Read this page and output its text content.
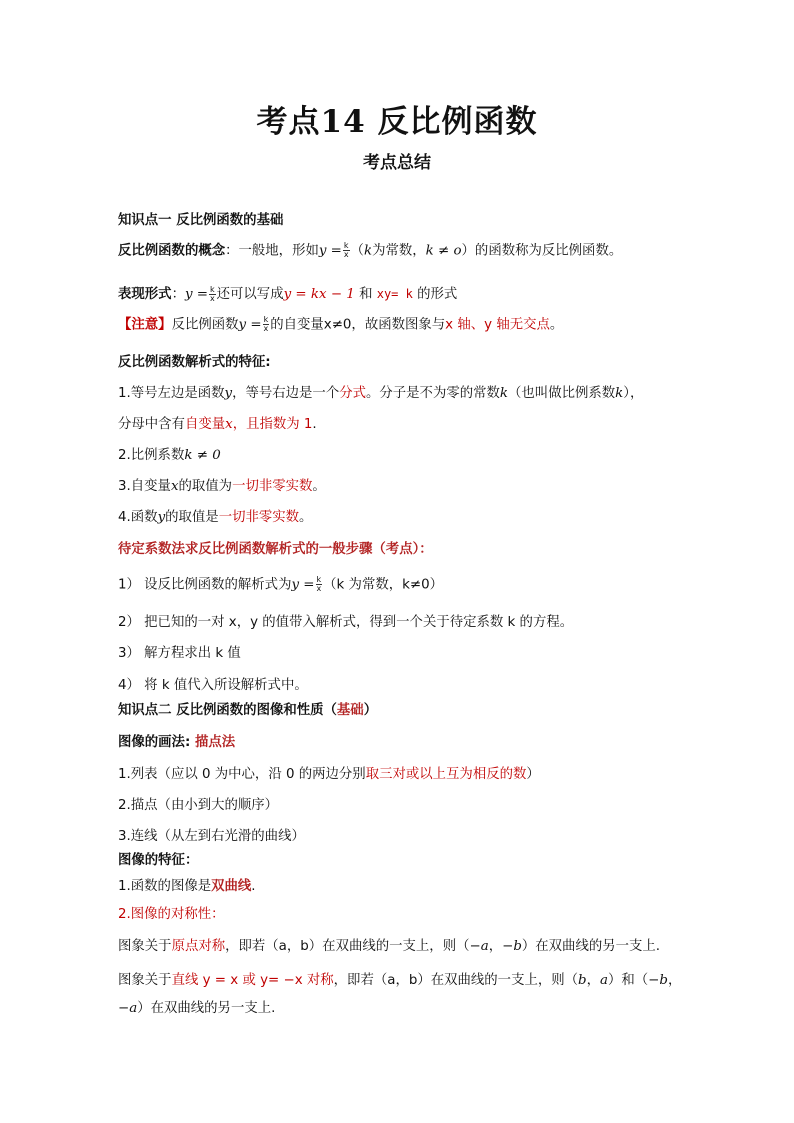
考点14 反比例函数
考点总结
知识点一 反比例函数的基础
反比例函数的概念：一般地，形如$y = \frac{k}{x} (k$为常数，k ≠ o）的函数称为反比例函数。
表现形式：$y = \frac{k}{x}$ 还可以写成y = kx − 1 和 xy= k 的形式
【注意】反比例函数$y = \frac{k}{x}$ 的自变量x≠0，故函数图象与x 轴、y 轴无交点。
反比例函数解析式的特征:
1.等号左边是函数y，等号右边是一个分式。分子是不为零的常数k（也叫做比例系数k），
分母中含有自变量x，且指数为 1.
2.比例系数k ≠ 0
3.自变量x的取值为一切非零实数。
4.函数y的取值是一切非零实数。
待定系数法求反比例函数解析式的一般步骤（考点）：
1） 设反比例函数的解析式为$y = \frac{k}{x} (k$ 为常数，k≠0）
2） 把已知的一对 x，y 的值带入解析式，得到一个关于待定系数 k 的方程。
3） 解方程求出 k 值
4） 将 k 值代入所设解析式中。
知识点二 反比例函数的图像和性质（基础）
图像的画法: 描点法
1.列表（应以 0 为中心，沿 0 的两边分别取三对或以上互为相反的数）
2.描点（由小到大的顺序）
3.连线（从左到右光滑的曲线）
图像的特征：
1.函数的图像是双曲线.
2.图像的对称性：
图象关于原点对称，即若（a，b）在双曲线的一支上，则（−a，−b）在双曲线的另一支上.
图象关于直线 y = x 或 y= −x 对称，即若（a，b）在双曲线的一支上，则（b，a）和（−b，
−a）在双曲线的另一支上.
